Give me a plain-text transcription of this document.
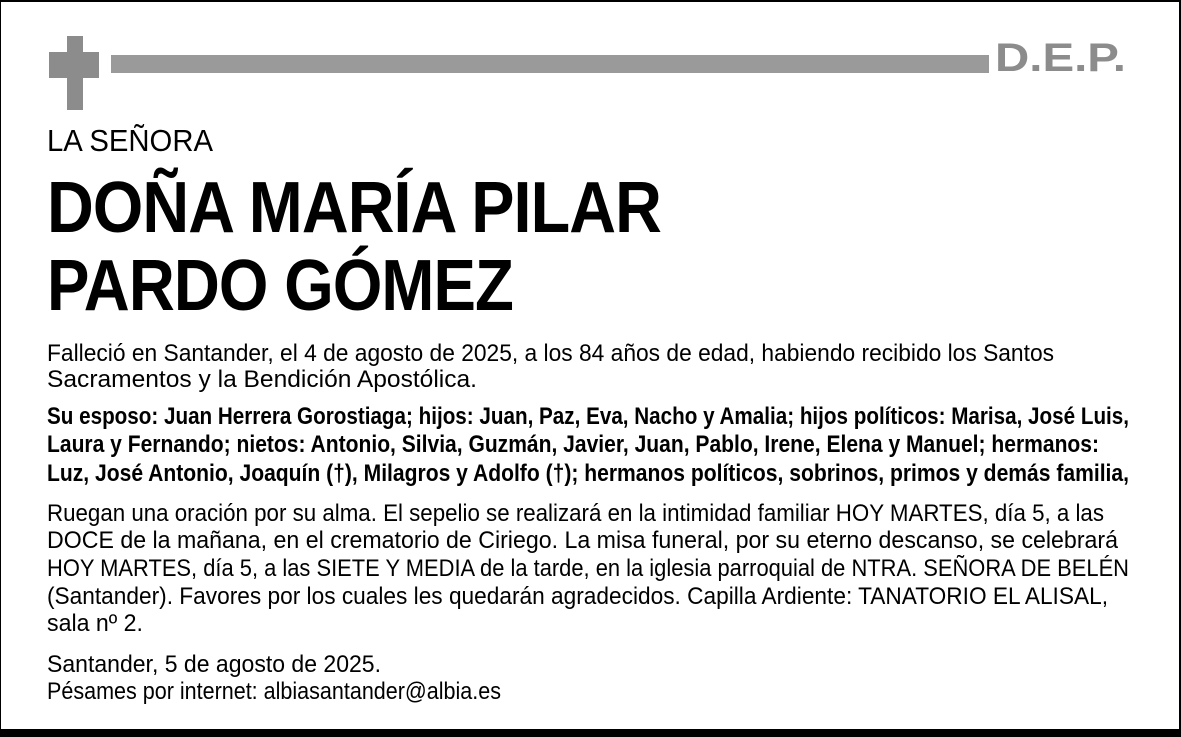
D.E.P.
LA SEÑORA
DOÑA MARÍA PILAR
PARDO GÓMEZ
Falleció en Santander, el 4 de agosto de 2025, a los 84 años de edad, habiendo recibido los Santos
Sacramentos y la Bendición Apostólica.
Su esposo: Juan Herrera Gorostiaga; hijos: Juan, Paz, Eva, Nacho y Amalia; hijos políticos: Marisa, José Luis,
Laura y Fernando; nietos: Antonio, Silvia, Guzmán, Javier, Juan, Pablo, Irene, Elena y Manuel; hermanos:
Luz, José Antonio, Joaquín (†), Milagros y Adolfo (†); hermanos políticos, sobrinos, primos y demás familia,
Ruegan una oración por su alma. El sepelio se realizará en la intimidad familiar HOY MARTES, día 5, a las
DOCE de la mañana, en el crematorio de Ciriego. La misa funeral, por su eterno descanso, se celebrará
HOY MARTES, día 5, a las SIETE Y MEDIA de la tarde, en la iglesia parroquial de NTRA. SEÑORA DE BELÉN
(Santander). Favores por los cuales les quedarán agradecidos. Capilla Ardiente: TANATORIO EL ALISAL,
sala nº 2.
Santander, 5 de agosto de 2025.
Pésames por internet: albiasantander@albia.es
